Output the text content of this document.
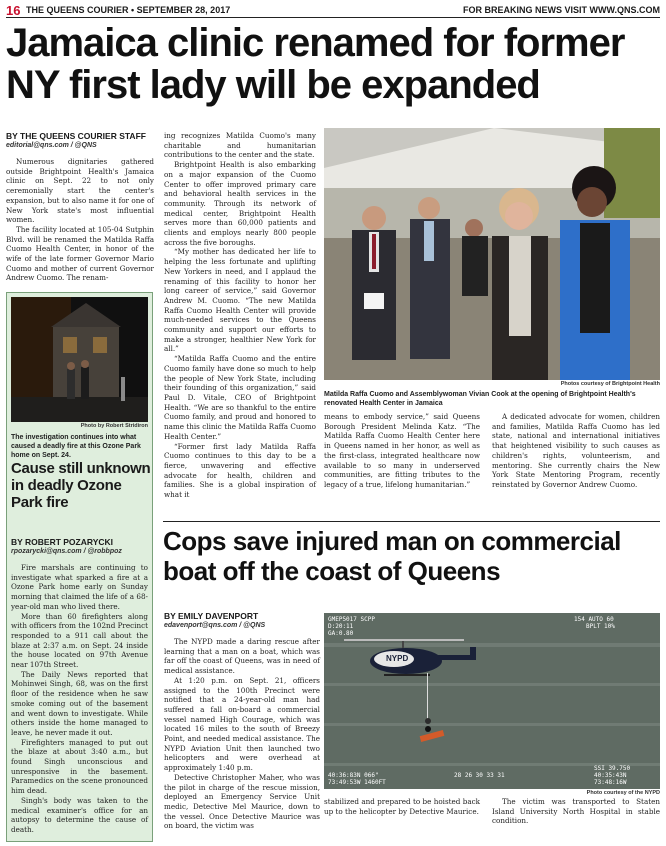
16 THE QUEENS COURIER • SEPTEMBER 28, 2017	FOR BREAKING NEWS VISIT WWW.QNS.COM
Jamaica clinic renamed for former NY first lady will be expanded
BY THE QUEENS COURIER STAFF
editorial@qns.com / @QNS

Numerous dignitaries gathered outside Brightpoint Health's Jamaica clinic on Sept. 22 to not only ceremonially start the center's expansion, but to also name it for one of New York state's most influential women.

The facility located at 105-04 Sutphin Blvd. will be renamed the Matilda Raffa Cuomo Health Center, in honor of the wife of the late former Governor Mario Cuomo and mother of current Governor Andrew Cuomo. The renam-

ing recognizes Matilda Cuomo's many charitable and humanitarian contributions to the center and the state.

Brightpoint Health is also embarking on a major expansion of the Cuomo Center to offer improved primary care and behavioral health services in the community. Through its network of medical center, Brightpoint Health serves more than 60,000 patients and clients and employs nearly 800 people across the five boroughs.

“My mother has dedicated her life to helping the less fortunate and uplifting New Yorkers in need, and I applaud the renaming of this facility to honor her long career of service,” said Governor Andrew M. Cuomo. “The new Matilda Raffa Cuomo Health Center will provide much-needed services to the Queens community and support our efforts to make a stronger, healthier New York for all.”

“Matilda Raffa Cuomo and the entire Cuomo family have done so much to help the people of New York State, including their founding of this organization,” said Paul D. Vitale, CEO of Brightpoint Health. “We are so thankful to the entire Cuomo family, and proud and honored to name this clinic the Matilda Raffa Cuomo Health Center.”

“Former first lady Matilda Raffa Cuomo continues to this day to be a fierce, unwavering and effective advocate for health, children and families. She is a global inspiration of what it

Photos courtesy of Brightpoint Health
Matilda Raffa Cuomo and Assemblywoman Vivian Cook at the opening of Brightpoint Health's renovated Health Center in Jamaica

means to embody service,” said Queens Borough President Melinda Katz. “The Matilda Raffa Cuomo Health Center here in Queens named in her honor, as well as the first-class, integrated healthcare now available to so many in underserved communities, are fitting tributes to the legacy of a true, lifelong humanitarian.”

A dedicated advocate for women, children and families, Matilda Raffa Cuomo has led state, national and international initiatives that heightened visibility to such causes as children's rights, volunteerism, and mentoring. She currently chairs the New York State Mentoring Program, recently reinstated by Governor Andrew Cuomo.

Photo by Robert Stridiron
The investigation continues into what caused a deadly fire at this Ozone Park home on Sept. 24.
Cause still unknown in deadly Ozone Park fire
BY ROBERT POZARYCKI
rpozarycki@qns.com / @robbpoz

Fire marshals are continuing to investigate what sparked a fire at a Ozone Park home early on Sunday morning that claimed the life of a 68-year-old man who lived there.

More than 60 firefighters along with officers from the 102nd Precinct responded to a 911 call about the blaze at 2:37 a.m. on Sept. 24 inside the house located on 97th Avenue near 107th Street.

The Daily News reported that Mohinwei Singh, 68, was on the first floor of the residence when he saw smoke coming out of the basement and went down to investigate. While others inside the home managed to leave, he never made it out.

Firefighters managed to put out the blaze at about 3:40 a.m., but found Singh unconscious and unresponsive in the basement. Paramedics on the scene pronounced him dead.

Singh's body was taken to the medical examiner's office for an autopsy to determine the cause of death.

Cops save injured man on commercial boat off the coast of Queens
BY EMILY DAVENPORT
edavenport@qns.com / @QNS

The NYPD made a daring rescue after learning that a man on a boat, which was far off the coast of Queens, was in need of medical assistance.

At 1:20 p.m. on Sept. 21, officers assigned to the 100th Precinct were notified that a 24-year-old man had suffered a fall on-board a commercial vessel named High Courage, which was located 16 miles to the south of Breezy Point, and needed medical assistance. The NYPD Aviation Unit then launched two helicopters and were overhead at approximately 1:40 p.m.

Detective Christopher Maher, who was the pilot in charge of the rescue mission, deployed an Emergency Service Unit medic, Detective Mel Maurice, down to the vessel. Once Detective Maurice was on board, the victim was

NYPD
GMEP5017 SCPP
D:20:11
GA:0.80
154 AUTO 60
BPLT 10%
40:36:83N 066"
73:49:53W 1460FT
SSI 39.750
40:35:43N
73:48:16W
28 26 30 33 31
Photo courtesy of the NYPD

stabilized and prepared to be hoisted back up to the helicopter by Detective Maurice.

The victim was transported to Staten Island University North Hospital in stable condition.
